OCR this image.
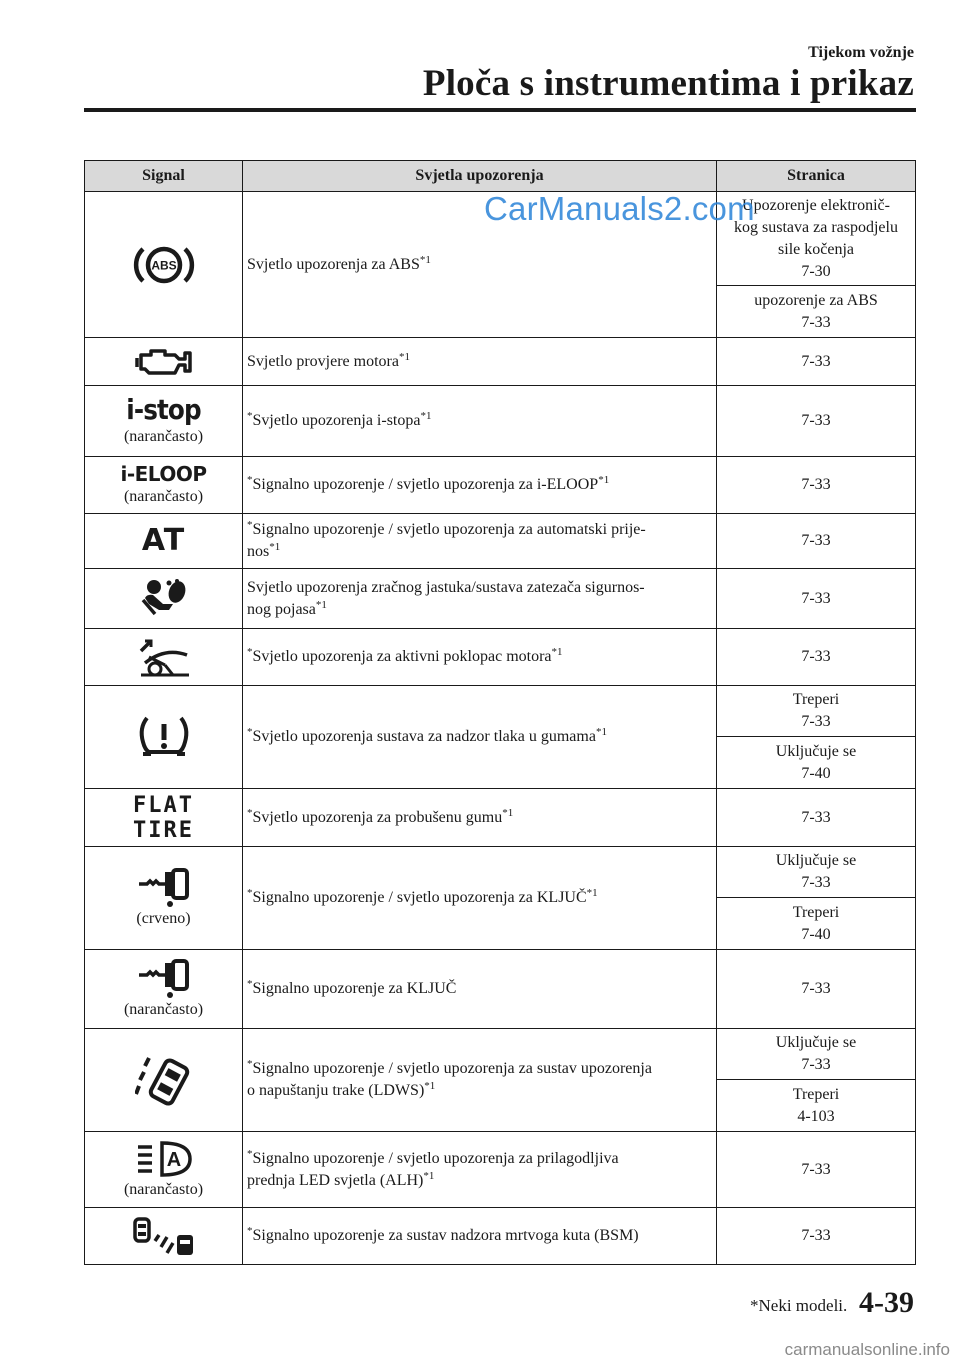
Tijekom vožnje
Ploča s instrumentima i prikaz
Signal	Svjetla upozorenja	Stranica

ABS	Svjetlo upozorenja za ABS$^{*1}$	Upozorenje elektronič-
kog sustava za raspodjelu
sile kočenja
7-30
		upozorenje za ABS
7-33

	Svjetlo provjere motora$^{*1}$	7-33

i-stop
(narančasto)	*Svjetlo upozorenja i-stopa$^{*1}$	7-33

i-ELOOP
(narančasto)	*Signalno upozorenje / svjetlo upozorenja za i-ELOOP$^{*1}$	7-33

AT	*Signalno upozorenje / svjetlo upozorenja za automatski prije-
nos$^{*1}$	7-33

	Svjetlo upozorenja zračnog jastuka/sustava zatezača sigurnos-
nog pojasa$^{*1}$	7-33

	*Svjetlo upozorenja za aktivni poklopac motora$^{*1}$	7-33

	*Svjetlo upozorenja sustava za nadzor tlaka u gumama$^{*1}$	Treperi
7-33
		Uključuje se
7-40

FLAT
TIRE	*Svjetlo upozorenja za probušenu gumu$^{*1}$	7-33

(crveno)	*Signalno upozorenje / svjetlo upozorenja za KLJUČ$^{*1}$	Uključuje se
7-33
		Treperi
7-40

(narančasto)	*Signalno upozorenje za KLJUČ	7-33

	*Signalno upozorenje / svjetlo upozorenja za sustav upozorenja
o napuštanju trake (LDWS)$^{*1}$	Uključuje se
7-33
		Treperi
4-103

A
(narančasto)	*Signalno upozorenje / svjetlo upozorenja za prilagodljiva
prednja LED svjetla (ALH)$^{*1}$	7-33

	*Signalno upozorenje za sustav nadzora mrtvoga kuta (BSM)	7-33
CarManuals2.com
*Neki modeli. 4-39
carmanualsonline.info
